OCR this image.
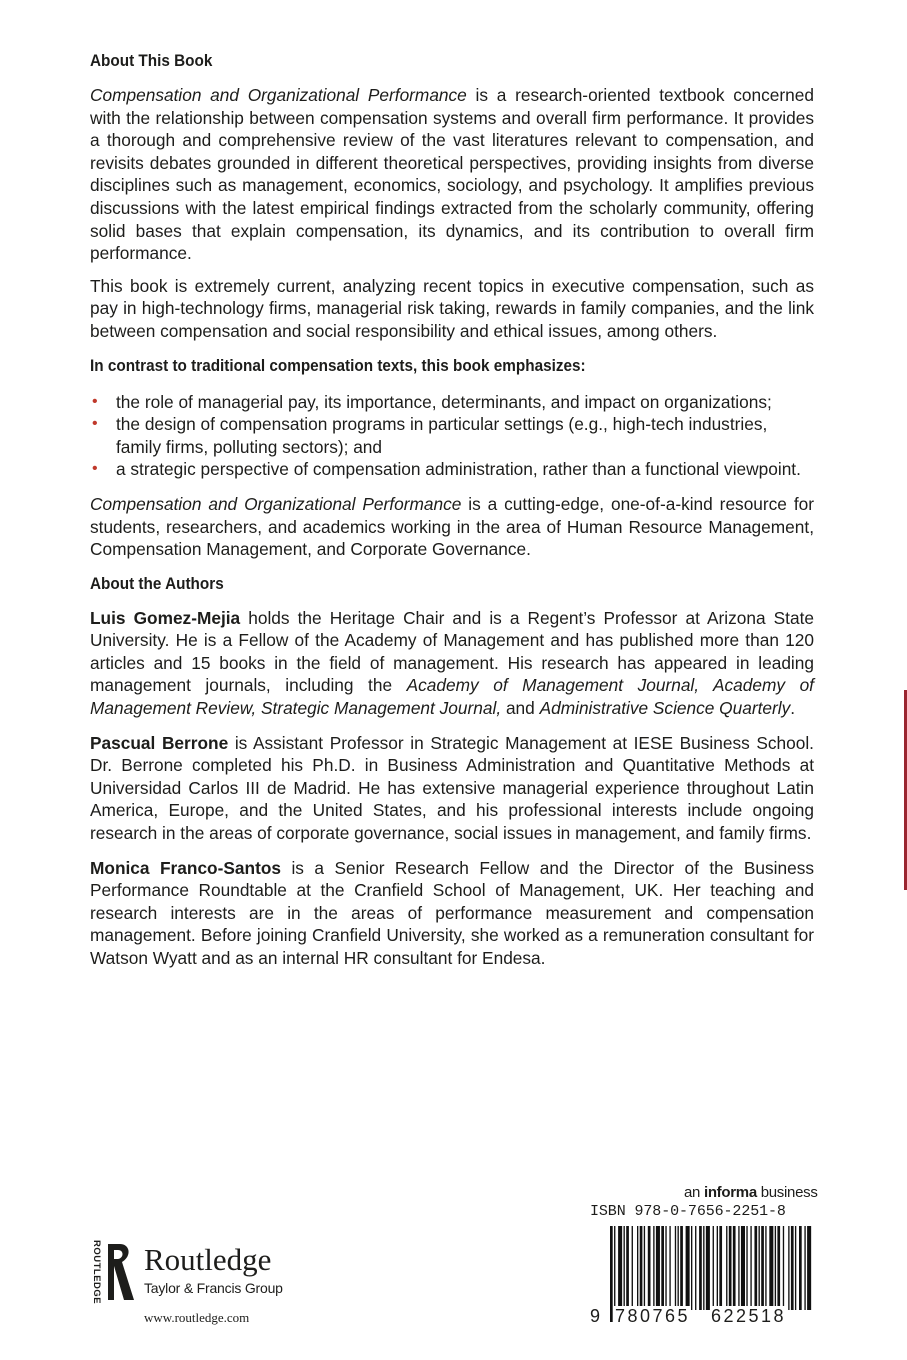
About This Book

Compensation and Organizational Performance is a research-oriented textbook concerned with the relationship between compensation systems and overall firm performance. It provides a thorough and comprehensive review of the vast literatures relevant to compensation, and revisits debates grounded in different theoretical perspectives, providing insights from diverse disciplines such as management, economics, sociology, and psychology. It amplifies previous discussions with the latest empirical findings extracted from the scholarly community, offering solid bases that explain compensation, its dynamics, and its contribution to overall firm performance.

This book is extremely current, analyzing recent topics in executive compensation, such as pay in high-technology firms, managerial risk taking, rewards in family companies, and the link between compensation and social responsibility and ethical issues, among others.

In contrast to traditional compensation texts, this book emphasizes:
• the role of managerial pay, its importance, determinants, and impact on organizations;
• the design of compensation programs in particular settings (e.g., high-tech industries, family firms, polluting sectors); and
• a strategic perspective of compensation administration, rather than a functional viewpoint.

Compensation and Organizational Performance is a cutting-edge, one-of-a-kind resource for students, researchers, and academics working in the area of Human Resource Management, Compensation Management, and Corporate Governance.

About the Authors

Luis Gomez-Mejia holds the Heritage Chair and is a Regent’s Professor at Arizona State University. He is a Fellow of the Academy of Management and has published more than 120 articles and 15 books in the field of management. His research has appeared in leading management journals, including the Academy of Management Journal, Academy of Management Review, Strategic Management Journal, and Administrative Science Quarterly.

Pascual Berrone is Assistant Professor in Strategic Management at IESE Business School. Dr. Berrone completed his Ph.D. in Business Administration and Quantitative Methods at Universidad Carlos III de Madrid. He has extensive managerial experience throughout Latin America, Europe, and the United States, and his professional interests include ongoing research in the areas of corporate governance, social issues in management, and family firms.

Monica Franco-Santos is a Senior Research Fellow and the Director of the Business Performance Roundtable at the Cranfield School of Management, UK. Her teaching and research interests are in the areas of performance measurement and compensation management. Before joining Cranfield University, she worked as a remuneration consultant for Watson Wyatt and as an internal HR consultant for Endesa.

ROUTLEDGE Routledge
Taylor & Francis Group
www.routledge.com
an informa business
ISBN 978-0-7656-2251-8
9 780765 622518
